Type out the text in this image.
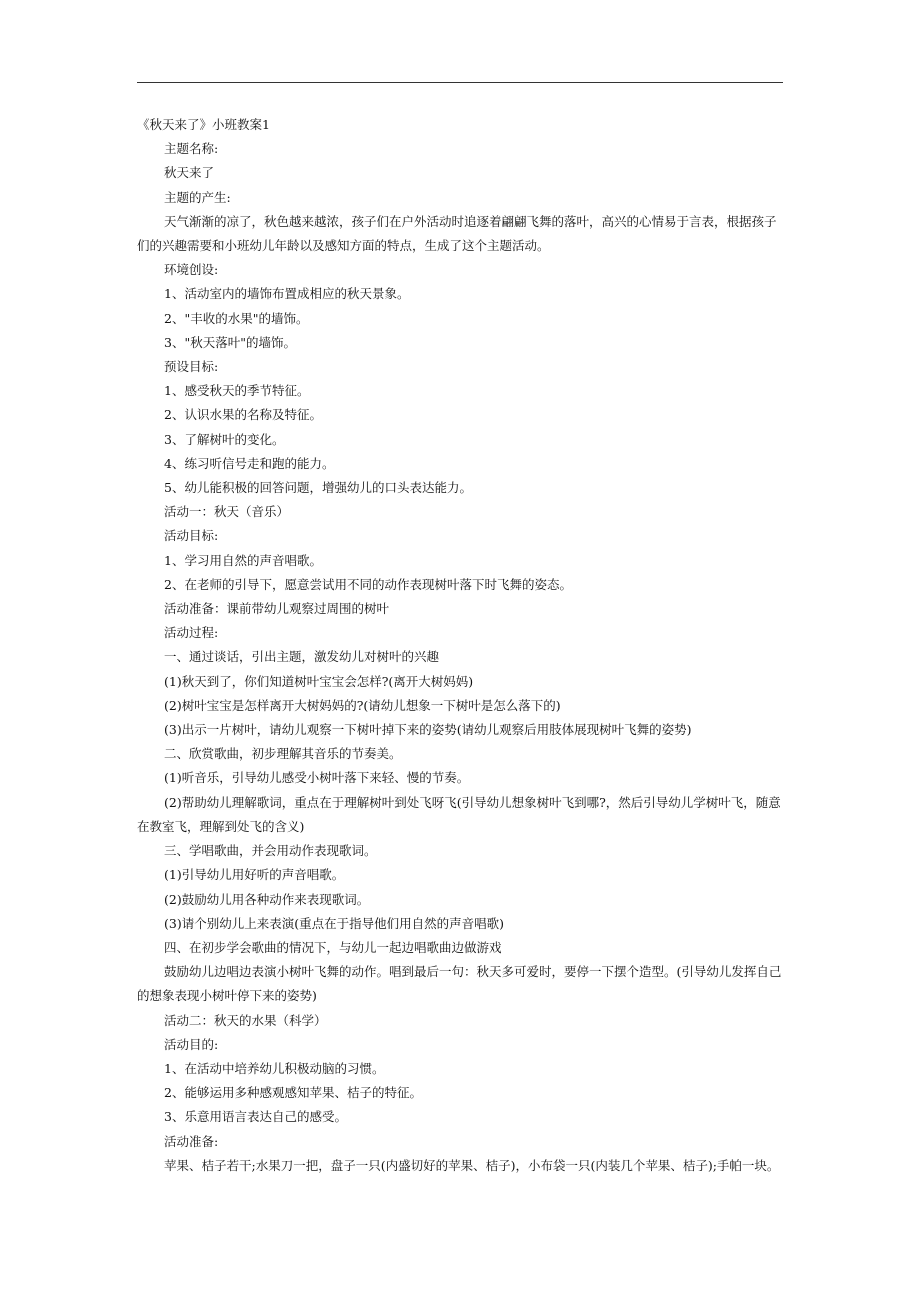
《秋天来了》小班教案1

主题名称:

秋天来了

主题的产生:

天气渐渐的凉了，秋色越来越浓，孩子们在户外活动时追逐着翩翩飞舞的落叶，高兴的心情易于言表，根据孩子们的兴趣需要和小班幼儿年龄以及感知方面的特点，生成了这个主题活动。

环境创设:

1、活动室内的墙饰布置成相应的秋天景象。

2、"丰收的水果"的墙饰。

3、"秋天落叶"的墙饰。

预设目标:

1、感受秋天的季节特征。

2、认识水果的名称及特征。

3、了解树叶的变化。

4、练习听信号走和跑的能力。

5、幼儿能积极的回答问题，增强幼儿的口头表达能力。

活动一：秋天（音乐）

活动目标:

1、学习用自然的声音唱歌。

2、在老师的引导下，愿意尝试用不同的动作表现树叶落下时飞舞的姿态。

活动准备：课前带幼儿观察过周围的树叶

活动过程:

一、通过谈话，引出主题，激发幼儿对树叶的兴趣

(1)秋天到了，你们知道树叶宝宝会怎样?(离开大树妈妈)

(2)树叶宝宝是怎样离开大树妈妈的?(请幼儿想象一下树叶是怎么落下的)

(3)出示一片树叶，请幼儿观察一下树叶掉下来的姿势(请幼儿观察后用肢体展现树叶飞舞的姿势)

二、欣赏歌曲，初步理解其音乐的节奏美。

(1)听音乐，引导幼儿感受小树叶落下来轻、慢的节奏。

(2)帮助幼儿理解歌词，重点在于理解树叶到处飞呀飞(引导幼儿想象树叶飞到哪?，然后引导幼儿学树叶飞，随意在教室飞，理解到处飞的含义)

三、学唱歌曲，并会用动作表现歌词。

(1)引导幼儿用好听的声音唱歌。

(2)鼓励幼儿用各种动作来表现歌词。

(3)请个别幼儿上来表演(重点在于指导他们用自然的声音唱歌)

四、在初步学会歌曲的情况下，与幼儿一起边唱歌曲边做游戏

鼓励幼儿边唱边表演小树叶飞舞的动作。唱到最后一句：秋天多可爱时，要停一下摆个造型。(引导幼儿发挥自己的想象表现小树叶停下来的姿势)

活动二：秋天的水果（科学）

活动目的:

1、在活动中培养幼儿积极动脑的习惯。

2、能够运用多种感观感知苹果、桔子的特征。

3、乐意用语言表达自己的感受。

活动准备:

苹果、桔子若干;水果刀一把，盘子一只(内盛切好的苹果、桔子)，小布袋一只(内装几个苹果、桔子);手帕一块。
